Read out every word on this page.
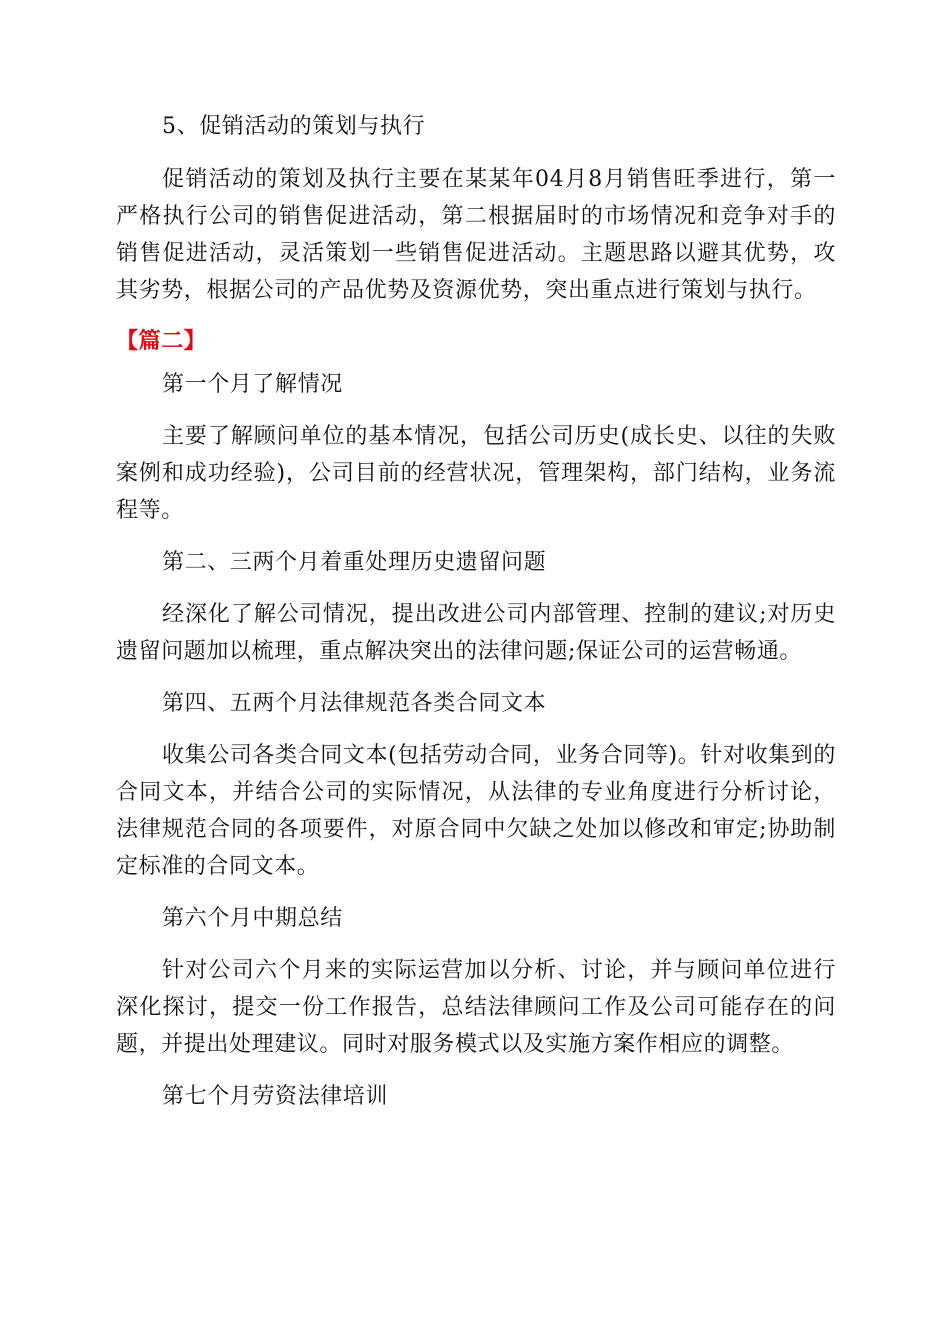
5、促销活动的策划与执行

促销活动的策划及执行主要在某某年04月8月销售旺季进行，第一严格执行公司的销售促进活动，第二根据届时的市场情况和竞争对手的销售促进活动，灵活策划一些销售促进活动。主题思路以避其优势，攻其劣势，根据公司的产品优势及资源优势，突出重点进行策划与执行。

【篇二】

第一个月了解情况

主要了解顾问单位的基本情况，包括公司历史(成长史、以往的失败案例和成功经验)，公司目前的经营状况，管理架构，部门结构，业务流程等。

第二、三两个月着重处理历史遗留问题

经深化了解公司情况，提出改进公司内部管理、控制的建议;对历史遗留问题加以梳理，重点解决突出的法律问题;保证公司的运营畅通。

第四、五两个月法律规范各类合同文本

收集公司各类合同文本(包括劳动合同，业务合同等)。针对收集到的合同文本，并结合公司的实际情况，从法律的专业角度进行分析讨论，法律规范合同的各项要件，对原合同中欠缺之处加以修改和审定;协助制定标准的合同文本。

第六个月中期总结

针对公司六个月来的实际运营加以分析、讨论，并与顾问单位进行深化探讨，提交一份工作报告，总结法律顾问工作及公司可能存在的问题，并提出处理建议。同时对服务模式以及实施方案作相应的调整。

第七个月劳资法律培训
